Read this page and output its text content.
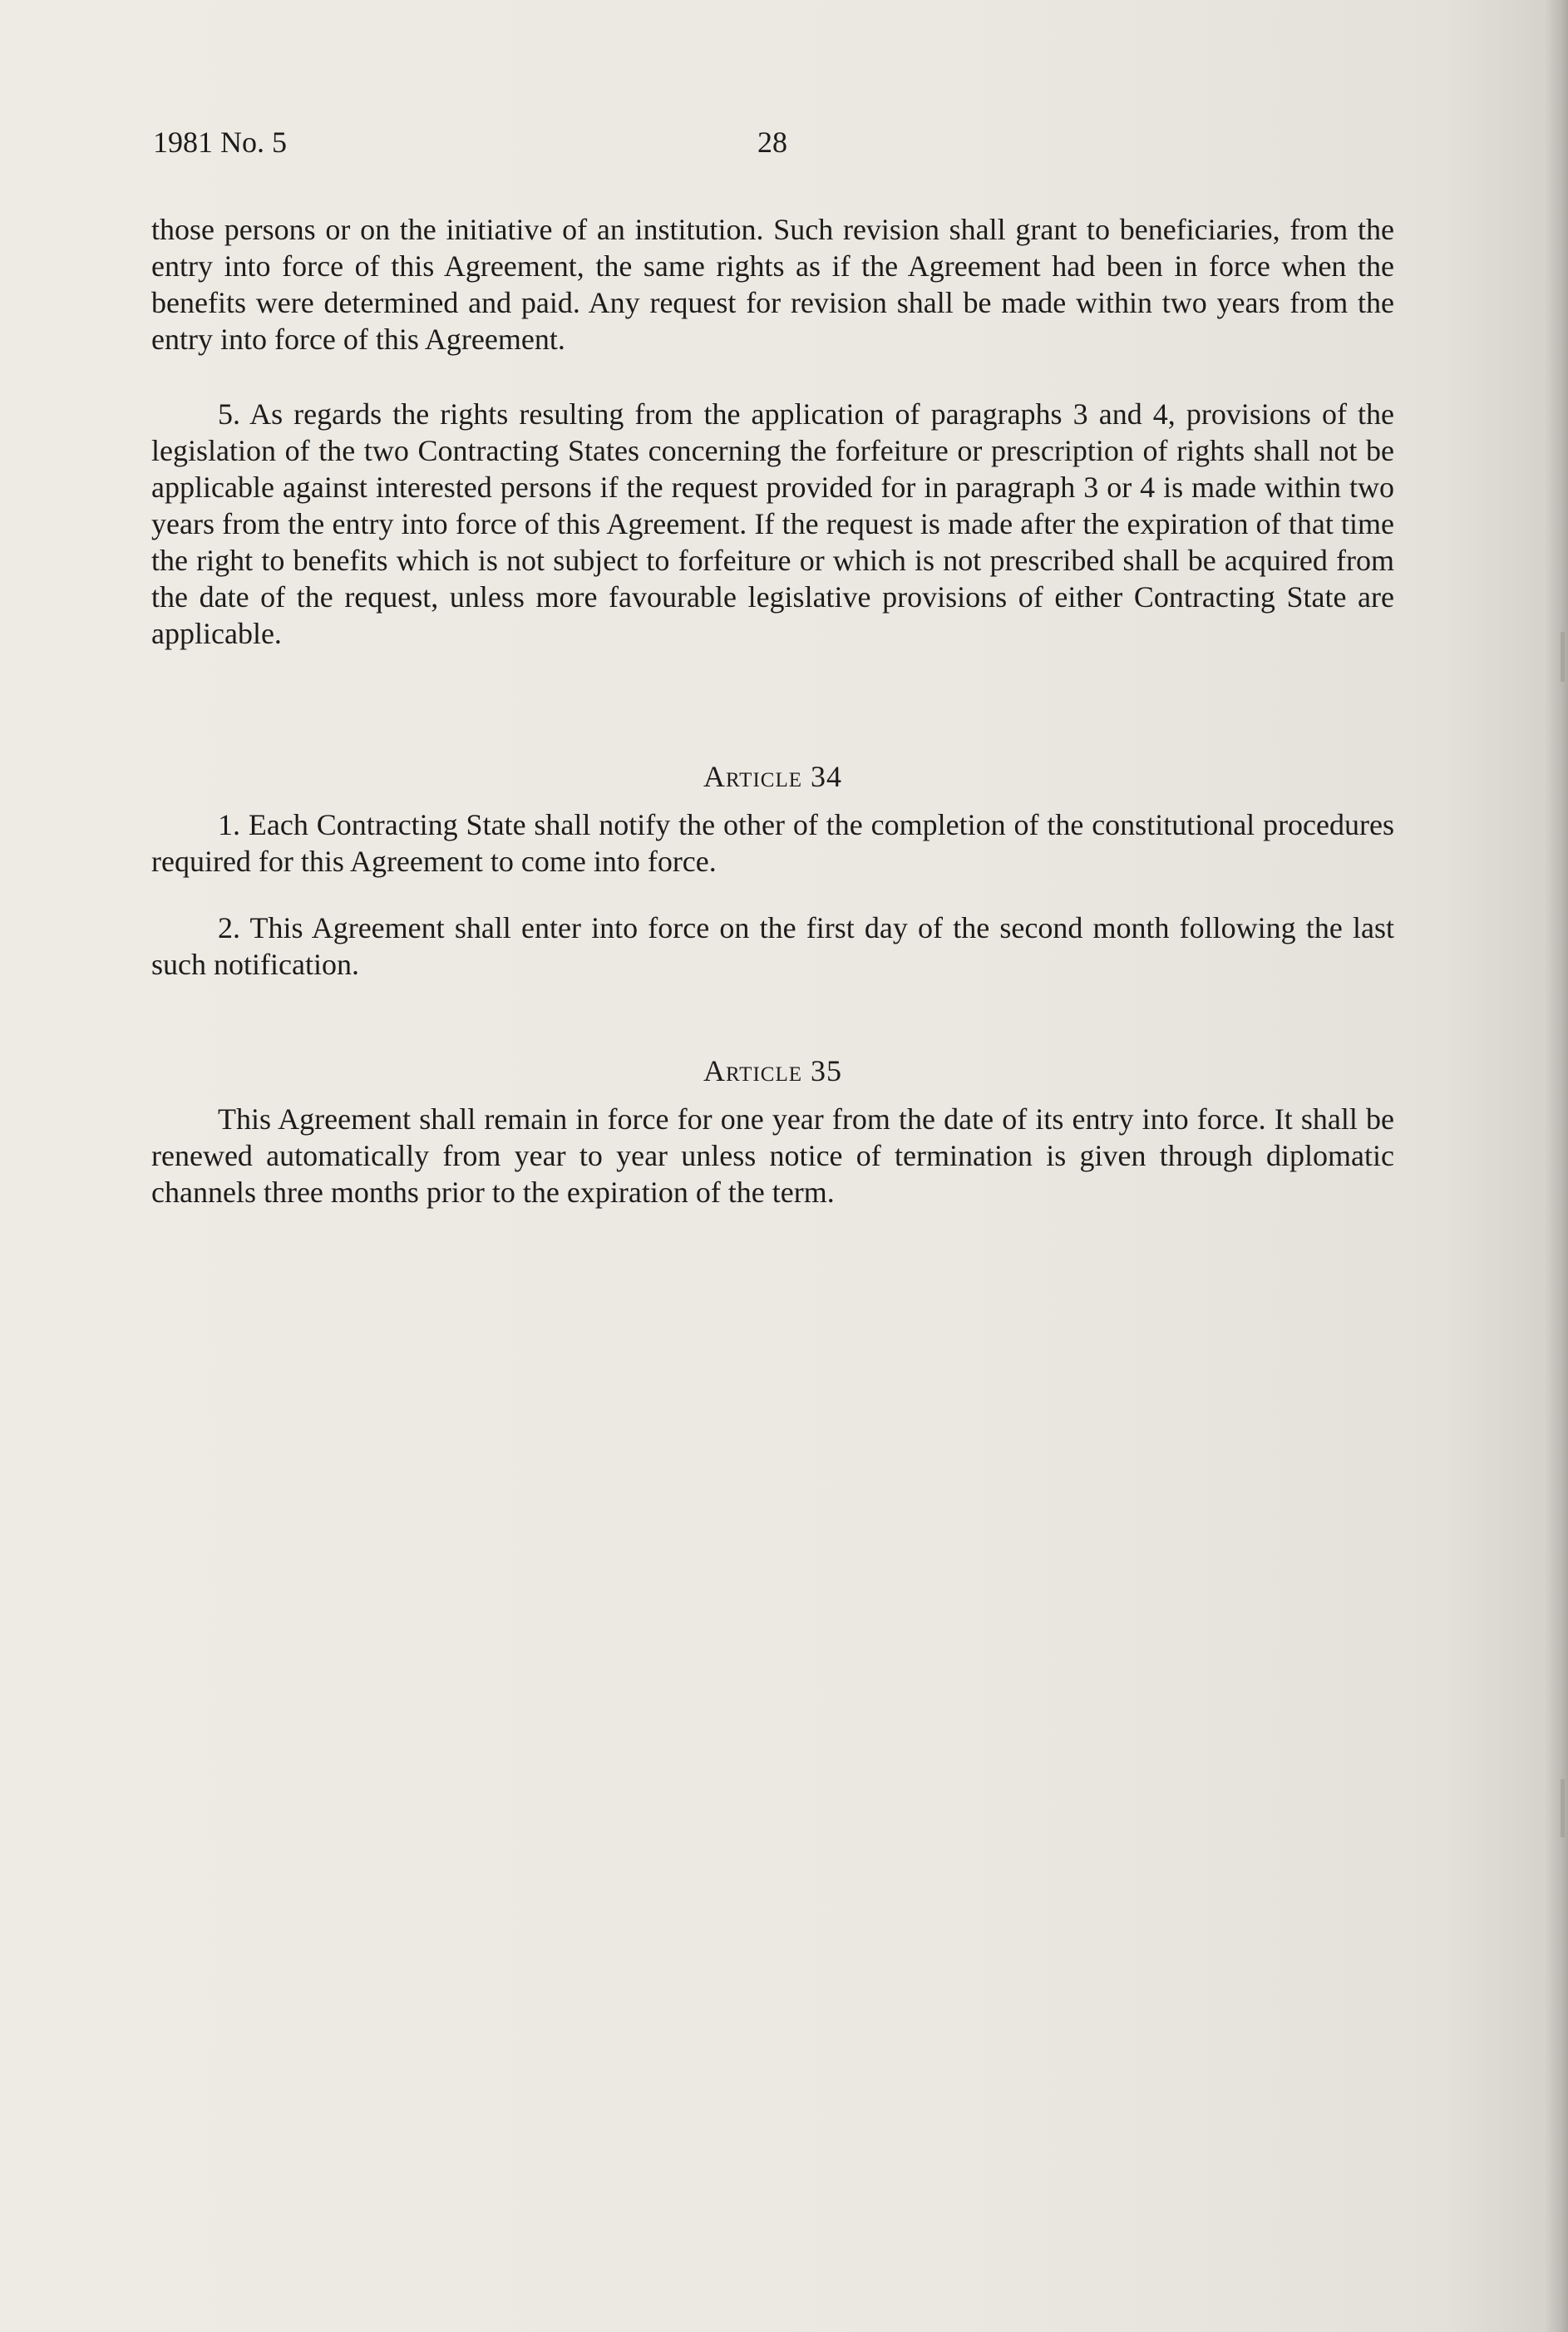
1981 No. 5	28

those persons or on the initiative of an institution. Such revision shall grant to beneficiaries, from the entry into force of this Agreement, the same rights as if the Agreement had been in force when the benefits were determined and paid. Any request for revision shall be made within two years from the entry into force of this Agreement.

5. As regards the rights resulting from the application of paragraphs 3 and 4, provisions of the legislation of the two Contracting States concerning the forfeiture or prescription of rights shall not be applicable against interested persons if the request provided for in paragraph 3 or 4 is made within two years from the entry into force of this Agreement. If the request is made after the expiration of that time the right to benefits which is not subject to forfeiture or which is not prescribed shall be acquired from the date of the request, unless more favourable legislative provisions of either Contracting State are applicable.

Article 34

1. Each Contracting State shall notify the other of the completion of the constitutional procedures required for this Agreement to come into force.

2. This Agreement shall enter into force on the first day of the second month following the last such notification.

Article 35

This Agreement shall remain in force for one year from the date of its entry into force. It shall be renewed automatically from year to year unless notice of termination is given through diplomatic channels three months prior to the expiration of the term.
